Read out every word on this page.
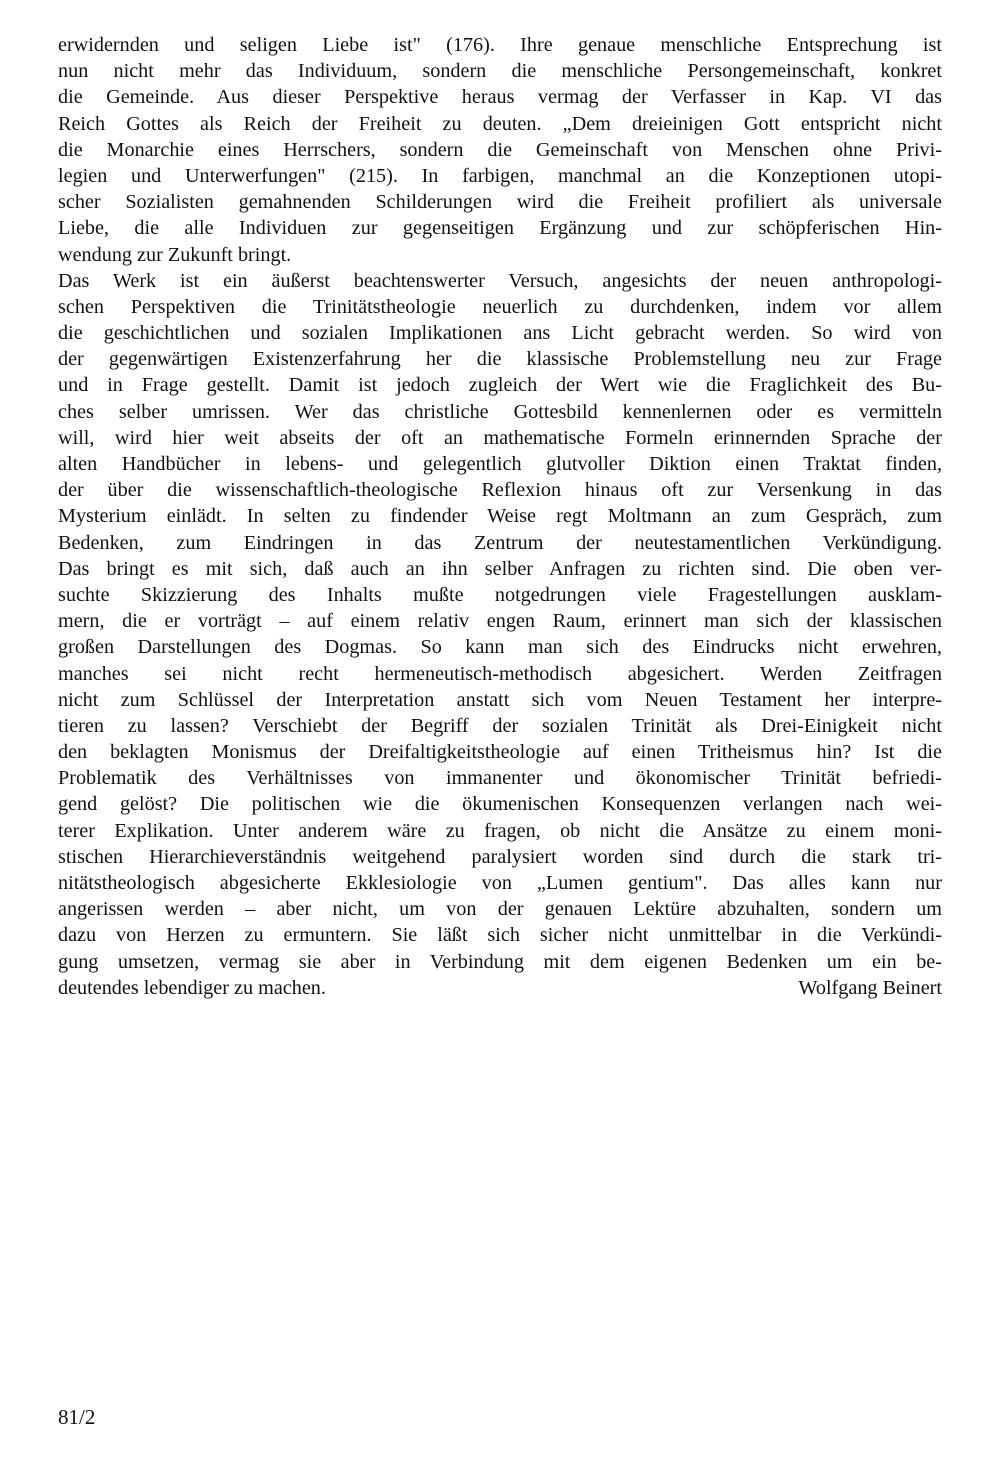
erwidernden und seligen Liebe ist" (176). Ihre genaue menschliche Entsprechung ist
nun nicht mehr das Individuum, sondern die menschliche Persongemeinschaft, konkret
die Gemeinde. Aus dieser Perspektive heraus vermag der Verfasser in Kap. VI das
Reich Gottes als Reich der Freiheit zu deuten. „Dem dreieinigen Gott entspricht nicht
die Monarchie eines Herrschers, sondern die Gemeinschaft von Menschen ohne Privi-
legien und Unterwerfungen" (215). In farbigen, manchmal an die Konzeptionen utopi-
scher Sozialisten gemahnenden Schilderungen wird die Freiheit profiliert als universale
Liebe, die alle Individuen zur gegenseitigen Ergänzung und zur schöpferischen Hin-
wendung zur Zukunft bringt.
Das Werk ist ein äußerst beachtenswerter Versuch, angesichts der neuen anthropologi-
schen Perspektiven die Trinitätstheologie neuerlich zu durchdenken, indem vor allem
die geschichtlichen und sozialen Implikationen ans Licht gebracht werden. So wird von
der gegenwärtigen Existenzerfahrung her die klassische Problemstellung neu zur Frage
und in Frage gestellt. Damit ist jedoch zugleich der Wert wie die Fraglichkeit des Bu-
ches selber umrissen. Wer das christliche Gottesbild kennenlernen oder es vermitteln
will, wird hier weit abseits der oft an mathematische Formeln erinnernden Sprache der
alten Handbücher in lebens- und gelegentlich glutvoller Diktion einen Traktat finden,
der über die wissenschaftlich-theologische Reflexion hinaus oft zur Versenkung in das
Mysterium einlädt. In selten zu findender Weise regt Moltmann an zum Gespräch, zum
Bedenken, zum Eindringen in das Zentrum der neutestamentlichen Verkündigung.
Das bringt es mit sich, daß auch an ihn selber Anfragen zu richten sind. Die oben ver-
suchte Skizzierung des Inhalts mußte notgedrungen viele Fragestellungen ausklam-
mern, die er vorträgt – auf einem relativ engen Raum, erinnert man sich der klassischen
großen Darstellungen des Dogmas. So kann man sich des Eindrucks nicht erwehren,
manches sei nicht recht hermeneutisch-methodisch abgesichert. Werden Zeitfragen
nicht zum Schlüssel der Interpretation anstatt sich vom Neuen Testament her interpre-
tieren zu lassen? Verschiebt der Begriff der sozialen Trinität als Drei-Einigkeit nicht
den beklagten Monismus der Dreifaltigkeitstheologie auf einen Tritheismus hin? Ist die
Problematik des Verhältnisses von immanenter und ökonomischer Trinität befriedi-
gend gelöst? Die politischen wie die ökumenischen Konsequenzen verlangen nach wei-
terer Explikation. Unter anderem wäre zu fragen, ob nicht die Ansätze zu einem moni-
stischen Hierarchieverständnis weitgehend paralysiert worden sind durch die stark tri-
nitätstheologisch abgesicherte Ekklesiologie von „Lumen gentium". Das alles kann nur
angerissen werden – aber nicht, um von der genauen Lektüre abzuhalten, sondern um
dazu von Herzen zu ermuntern. Sie läßt sich sicher nicht unmittelbar in die Verkündi-
gung umsetzen, vermag sie aber in Verbindung mit dem eigenen Bedenken um ein be-
deutendes lebendiger zu machen.	Wolfgang Beinert
81/2
